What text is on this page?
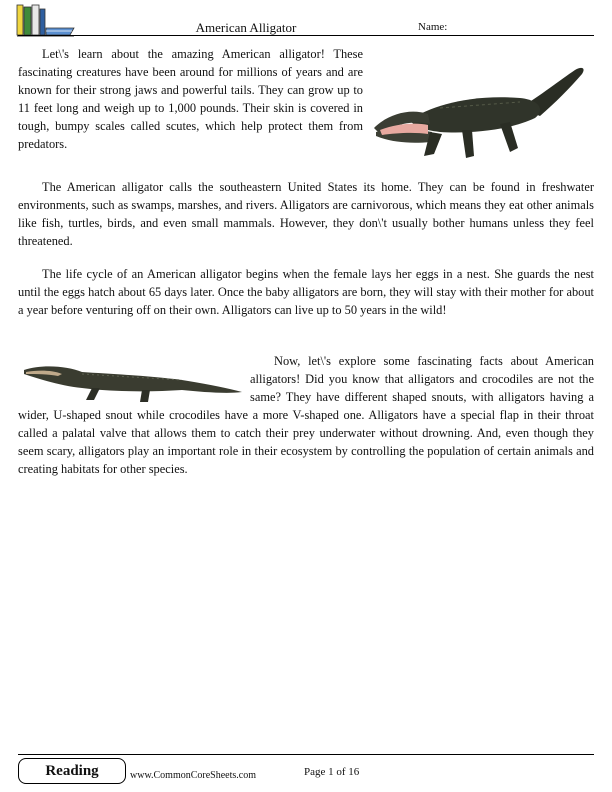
American Alligator	Name:

Let\'s learn about the amazing American alligator! These fascinating creatures have been around for millions of years and are known for their strong jaws and powerful tails. They can grow up to 11 feet long and weigh up to 1,000 pounds. Their skin is covered in tough, bumpy scales called scutes, which help protect them from predators.

The American alligator calls the southeastern United States its home. They can be found in freshwater environments, such as swamps, marshes, and rivers. Alligators are carnivorous, which means they eat other animals like fish, turtles, birds, and even small mammals. However, they don\'t usually bother humans unless they feel threatened.

The life cycle of an American alligator begins when the female lays her eggs in a nest. She guards the nest until the eggs hatch about 65 days later. Once the baby alligators are born, they will stay with their mother for about a year before venturing off on their own. Alligators can live up to 50 years in the wild!

Now, let\'s explore some fascinating facts about American alligators! Did you know that alligators and crocodiles are not the same? They have different shaped snouts, with alligators having a wider, U-shaped snout while crocodiles have a more V-shaped one. Alligators have a special flap in their throat called a palatal valve that allows them to catch their prey underwater without drowning. And, even though they seem scary, alligators play an important role in their ecosystem by controlling the population of certain animals and creating habitats for other species.

Reading	www.CommonCoreSheets.com	Page 1 of 16
